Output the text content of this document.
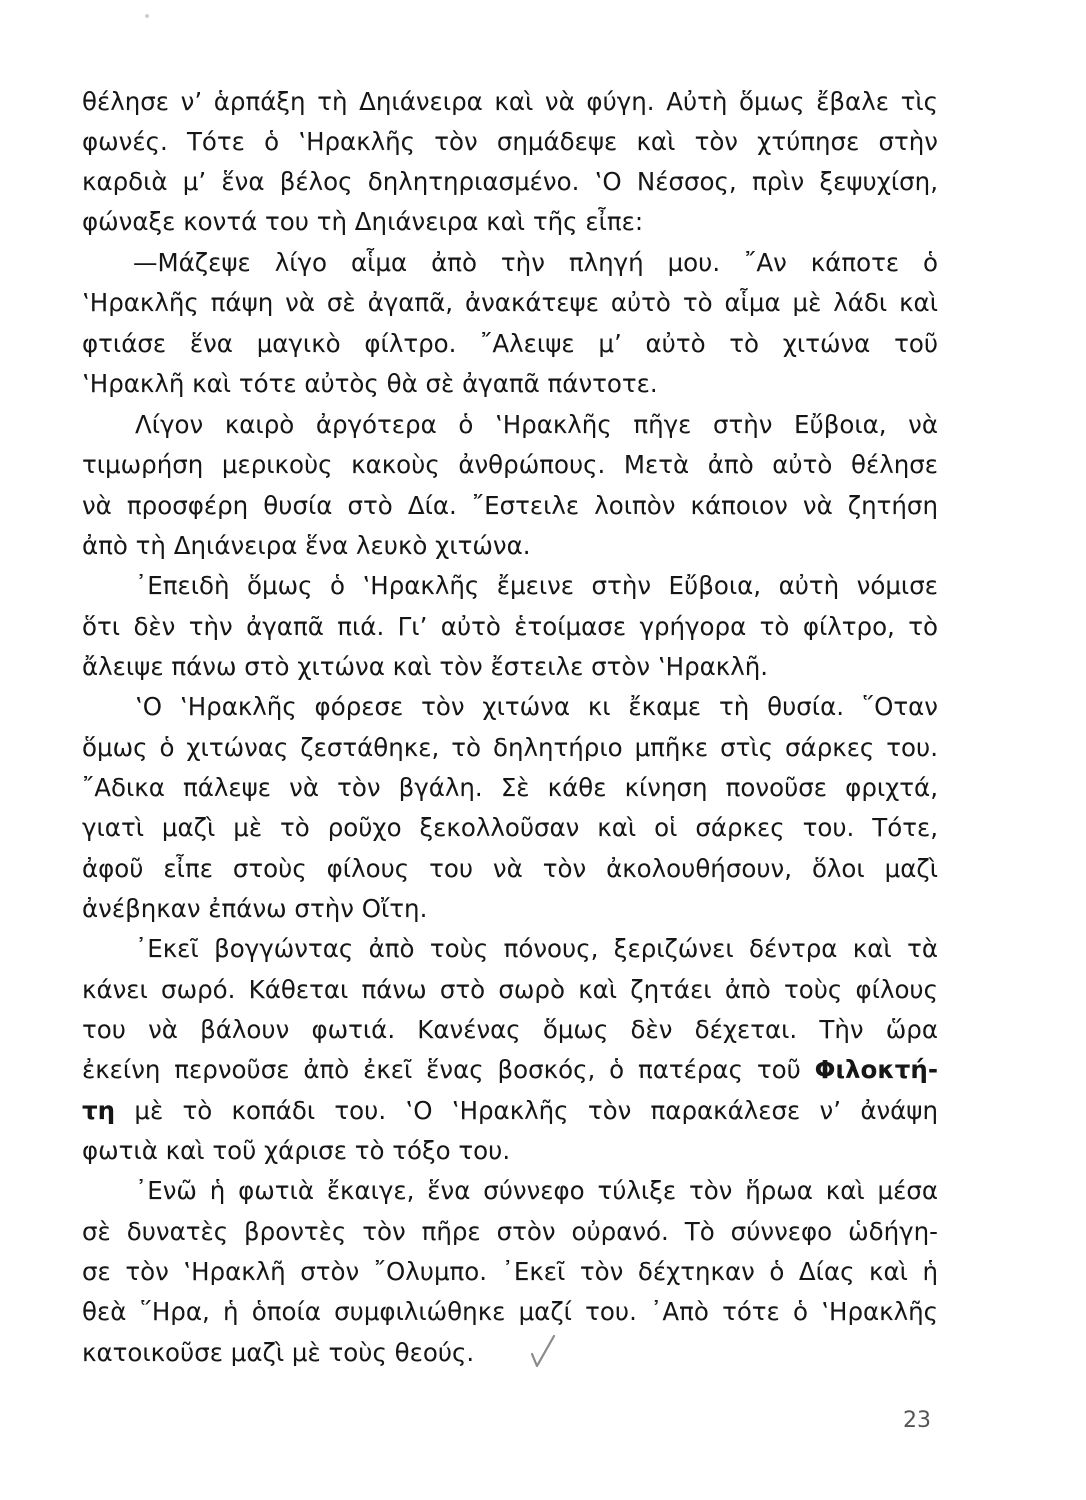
θέλησε ν’ ἁρπάξη τὴ Δηιάνειρα καὶ νὰ φύγη. Αὐτὴ ὅμως ἔβαλε τὶς
φωνές. Τότε ὁ ‛Ηρακλῆς τὸν σημάδεψε καὶ τὸν χτύπησε στὴν
καρδιὰ μ’ ἕνα βέλος δηλητηριασμένο. ‛Ο Νέσσος, πρὶν ξεψυχίση,
φώναξε κοντά του τὴ Δηιάνειρα καὶ τῆς εἶπε:
—Μάζεψε λίγο αἷμα ἀπὸ τὴν πληγή μου. ῎Αν κάποτε ὁ
‛Ηρακλῆς πάψη νὰ σὲ ἀγαπᾶ, ἀνακάτεψε αὐτὸ τὸ αἷμα μὲ λάδι καὶ
φτιάσε ἕνα μαγικὸ φίλτρο. ῎Αλειψε μ’ αὐτὸ τὸ χιτώνα τοῦ
‛Ηρακλῆ καὶ τότε αὐτὸς θὰ σὲ ἀγαπᾶ πάντοτε.
Λίγον καιρὸ ἀργότερα ὁ ‛Ηρακλῆς πῆγε στὴν Εὔβοια, νὰ
τιμωρήση μερικοὺς κακοὺς ἀνθρώπους. Μετὰ ἀπὸ αὐτὸ θέλησε
νὰ προσφέρη θυσία στὸ Δία. ῎Εστειλε λοιπὸν κάποιον νὰ ζητήση
ἀπὸ τὴ Δηιάνειρα ἕνα λευκὸ χιτώνα.
᾿Επειδὴ ὅμως ὁ ‛Ηρακλῆς ἔμεινε στὴν Εὔβοια, αὐτὴ νόμισε
ὅτι δὲν τὴν ἀγαπᾶ πιά. Γι’ αὐτὸ ἑτοίμασε γρήγορα τὸ φίλτρο, τὸ
ἄλειψε πάνω στὸ χιτώνα καὶ τὸν ἔστειλε στὸν ‛Ηρακλῆ.
‛Ο ‛Ηρακλῆς φόρεσε τὸν χιτώνα κι ἔκαμε τὴ θυσία. ῞Οταν
ὅμως ὁ χιτώνας ζεστάθηκε, τὸ δηλητήριο μπῆκε στὶς σάρκες του.
῎Αδικα πάλεψε νὰ τὸν βγάλη. Σὲ κάθε κίνηση πονοῦσε φριχτά,
γιατὶ μαζὶ μὲ τὸ ροῦχο ξεκολλοῦσαν καὶ οἱ σάρκες του. Τότε,
ἀφοῦ εἶπε στοὺς φίλους του νὰ τὸν ἀκολουθήσουν, ὅλοι μαζὶ
ἀνέβηκαν ἐπάνω στὴν Οἴτη.
᾿Εκεῖ βογγώντας ἀπὸ τοὺς πόνους, ξεριζώνει δέντρα καὶ τὰ
κάνει σωρό. Κάθεται πάνω στὸ σωρὸ καὶ ζητάει ἀπὸ τοὺς φίλους
του νὰ βάλουν φωτιά. Κανένας ὅμως δὲν δέχεται. Τὴν ὥρα
ἐκείνη περνοῦσε ἀπὸ ἐκεῖ ἕνας βοσκός, ὁ πατέρας τοῦ Φιλοκτή-
τη μὲ τὸ κοπάδι του. ‛Ο ‛Ηρακλῆς τὸν παρακάλεσε ν’ ἀνάψη
φωτιὰ καὶ τοῦ χάρισε τὸ τόξο του.
᾿Ενῶ ἡ φωτιὰ ἔκαιγε, ἕνα σύννεφο τύλιξε τὸν ἥρωα καὶ μέσα
σὲ δυνατὲς βροντὲς τὸν πῆρε στὸν οὐρανό. Τὸ σύννεφο ὡδήγη-
σε τὸν ‛Ηρακλῆ στὸν ῎Ολυμπο. ᾿Εκεῖ τὸν δέχτηκαν ὁ Δίας καὶ ἡ
θεὰ ῞Ηρα, ἡ ὁποία συμφιλιώθηκε μαζί του. ᾿Απὸ τότε ὁ ‛Ηρακλῆς
κατοικοῦσε μαζὶ μὲ τοὺς θεούς.
23
